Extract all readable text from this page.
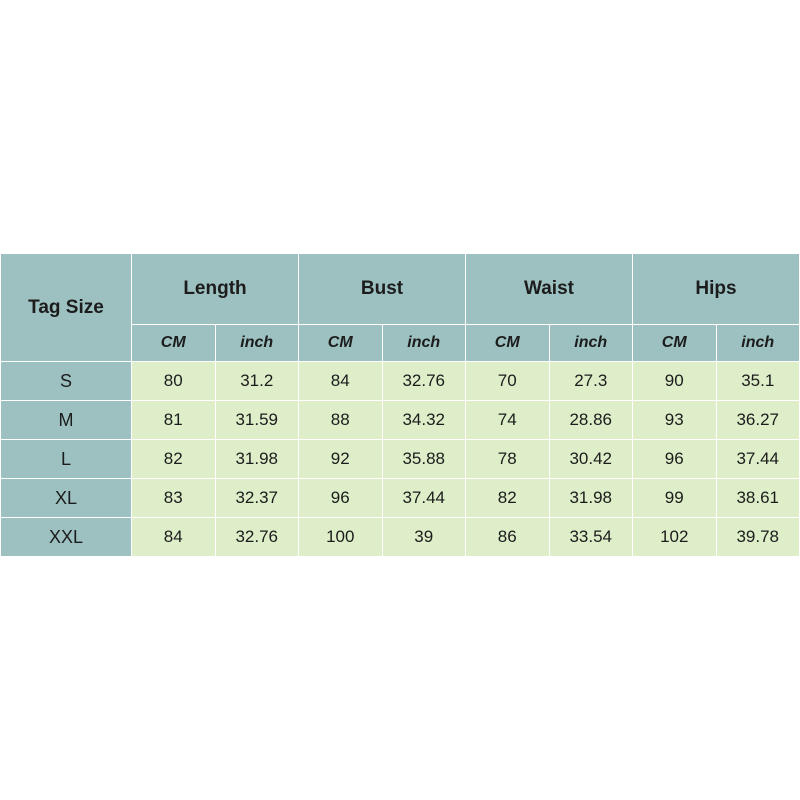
Tag Size	Length		Bust		Waist		Hips	
	CM	inch	CM	inch	CM	inch	CM	inch
S	80	31.2	84	32.76	70	27.3	90	35.1
M	81	31.59	88	34.32	74	28.86	93	36.27
L	82	31.98	92	35.88	78	30.42	96	37.44
XL	83	32.37	96	37.44	82	31.98	99	38.61
XXL	84	32.76	100	39	86	33.54	102	39.78
